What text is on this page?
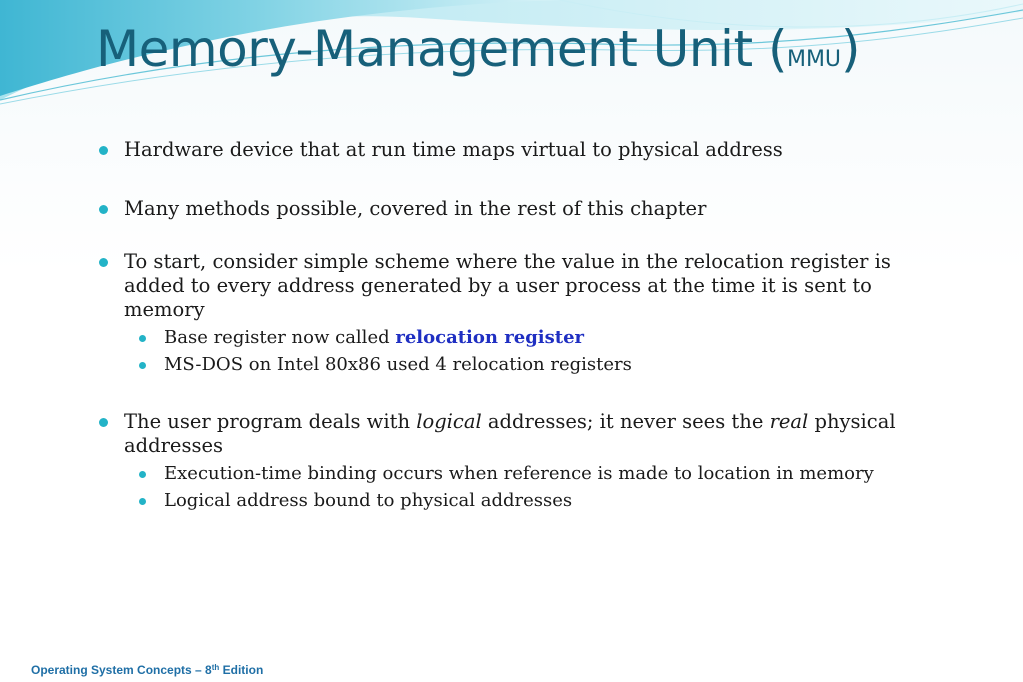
Memory-Management Unit (MMU)
Hardware device that at run time maps virtual to physical address
Many methods possible, covered in the rest of this chapter
To start, consider simple scheme where the value in the relocation register is added to every address generated by a user process at the time it is sent to memory
Base register now called relocation register
MS-DOS on Intel 80x86 used 4 relocation registers
The user program deals with logical addresses; it never sees the real physical addresses
Execution-time binding occurs when reference is made to location in memory
Logical address bound to physical addresses
Operating System Concepts – 8th Edition
